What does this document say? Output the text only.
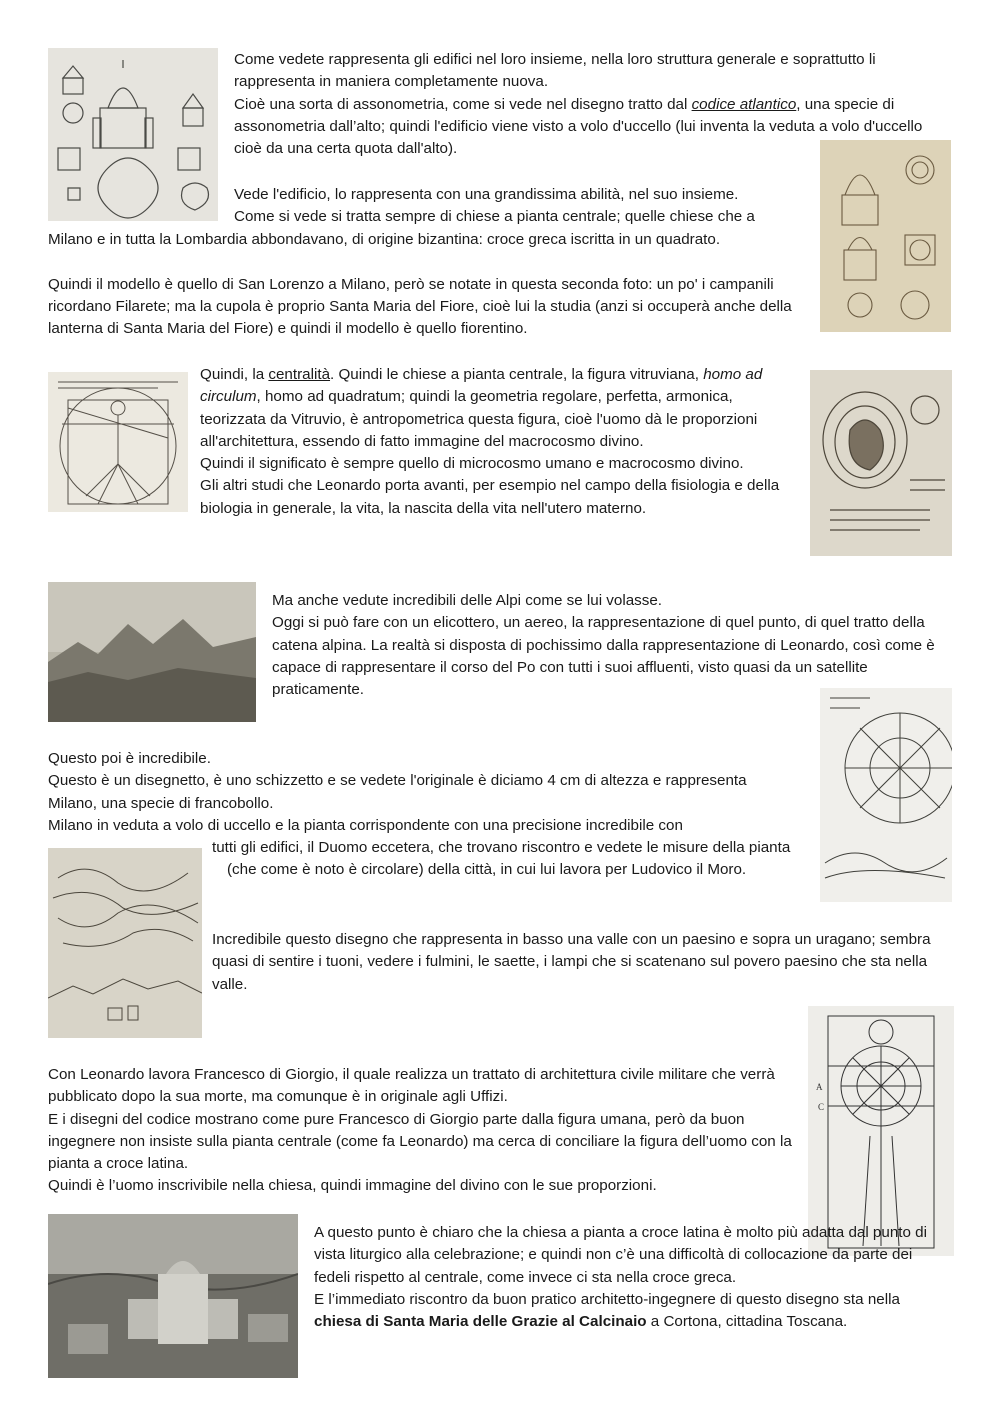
A
C

Come vedete rappresenta gli edifici nel loro insieme, nella loro struttura generale e soprattutto li rappresenta in maniera completamente nuova.

Cioè una sorta di assonometria, come si vede nel disegno tratto dal codice atlantico, una specie di assonometria dall’alto; quindi l'edificio viene visto a volo d'uccello (lui inventa la veduta a volo d'uccello cioè da una certa quota dall'alto).

Vede l'edificio, lo rappresenta con una grandissima abilità, nel suo insieme.

Come si vede si tratta sempre di chiese a pianta centrale; quelle chiese che a

Milano e in tutta la Lombardia abbondavano, di origine bizantina: croce greca iscritta in un quadrato.

Quindi il modello è quello di San Lorenzo a Milano, però se notate in questa seconda foto: un po' i campanili ricordano Filarete; ma la cupola è proprio Santa Maria del Fiore, cioè lui la studia (anzi si occuperà anche della lanterna di Santa Maria del Fiore) e quindi il modello è quello fiorentino.

Quindi, la centralità. Quindi le chiese a pianta centrale, la figura vitruviana, homo ad circulum, homo ad quadratum; quindi la geometria regolare, perfetta, armonica, teorizzata da Vitruvio, è antropometrica questa figura, cioè l'uomo dà le proporzioni all'architettura, essendo di fatto immagine del macrocosmo divino.

Quindi il significato è sempre quello di microcosmo umano e macrocosmo divino.

Gli altri studi che Leonardo porta avanti, per esempio nel campo della fisiologia e della biologia in generale, la vita, la nascita della vita nell'utero materno.

Ma anche vedute incredibili delle Alpi come se lui volasse.

Oggi si può fare con un elicottero, un aereo, la rappresentazione di quel punto, di quel tratto della catena alpina. La realtà si disposta di pochissimo dalla rappresentazione di Leonardo, così come è capace di rappresentare il corso del Po con tutti i suoi affluenti, visto quasi da un satellite praticamente.

Questo poi è incredibile.

Questo è un disegnetto, è uno schizzetto e se vedete l'originale è diciamo 4 cm di altezza e rappresenta Milano, una specie di francobollo.

Milano in veduta a volo di uccello e la pianta corrispondente con una precisione incredibile con

tutti gli edifici, il Duomo eccetera, che trovano riscontro e vedete le misure della pianta (che come è noto è circolare) della città, in cui lui lavora per Ludovico il Moro.

Incredibile questo disegno che rappresenta in basso una valle con un paesino e sopra un uragano; sembra quasi di sentire i tuoni, vedere i fulmini, le saette, i lampi che si scatenano sul povero paesino che sta nella valle.

Con Leonardo lavora Francesco di Giorgio, il quale realizza un trattato di architettura civile militare che verrà pubblicato dopo la sua morte, ma comunque è in originale agli Uffizi.

E i disegni del codice mostrano come pure Francesco di Giorgio parte dalla figura umana, però da buon ingegnere non insiste sulla pianta centrale (come fa Leonardo) ma cerca di conciliare la figura dell’uomo con la pianta a croce latina.

Quindi è l’uomo inscrivibile nella chiesa, quindi immagine del divino con le sue proporzioni.

A questo punto è chiaro che la chiesa a pianta a croce latina è molto più adatta dal punto di vista liturgico alla celebrazione; e quindi non c’è una difficoltà di collocazione da parte dei fedeli rispetto al centrale, come invece ci sta nella croce greca.

E l’immediato riscontro da buon pratico architetto-ingegnere di questo disegno sta nella chiesa di Santa Maria delle Grazie al Calcinaio a Cortona, cittadina Toscana.
